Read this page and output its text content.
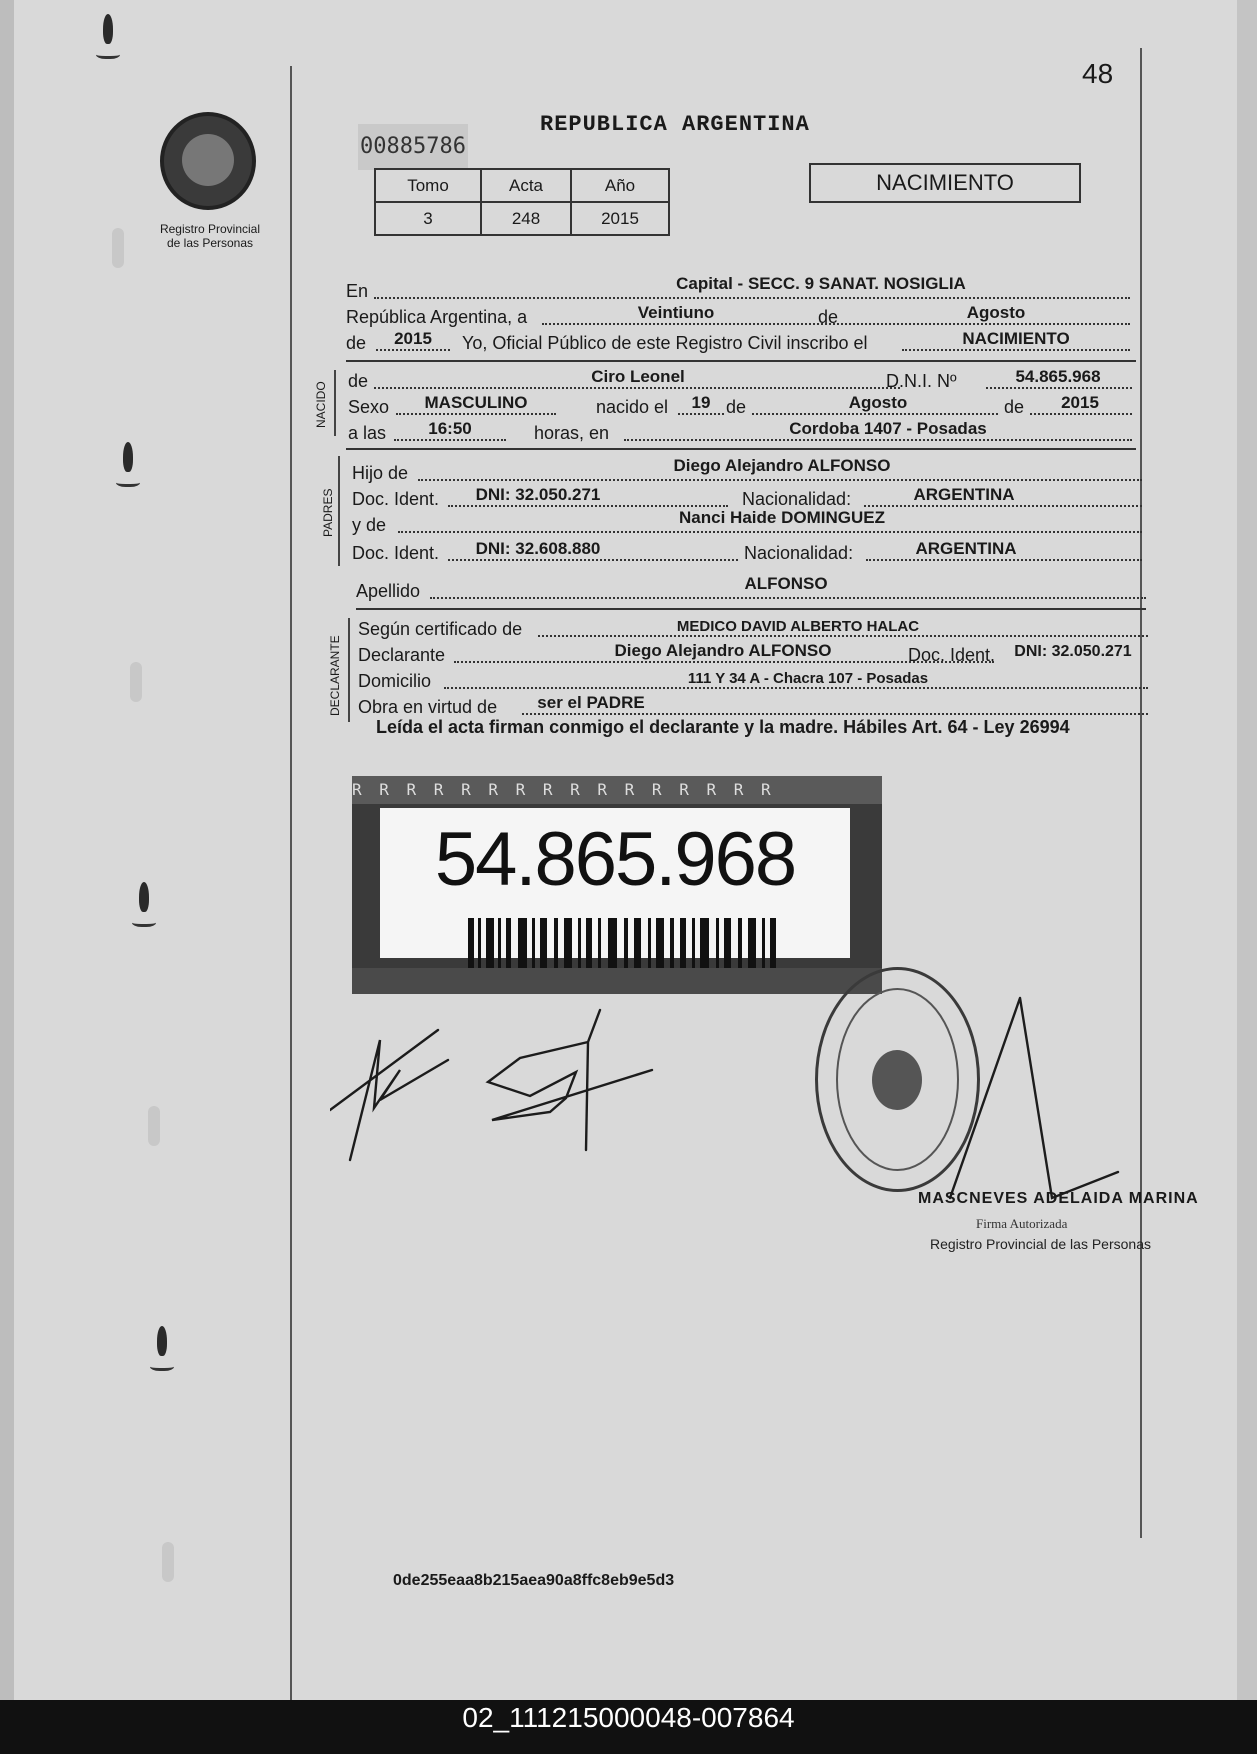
48
Registro Provincial
de las Personas
00885786
REPUBLICA ARGENTINA
Tomo	Acta	Año
3	248	2015
NACIMIENTO
En	Capital - SECC. 9 SANAT. NOSIGLIA
República Argentina, a	Veintiuno	de	Agosto
de	2015	Yo, Oficial Público de este Registro Civil inscribo el	NACIMIENTO
NACIDO
de	Ciro Leonel	D.N.I. Nº	54.865.968
Sexo	MASCULINO	nacido el	19 de	Agosto	de	2015
a las	16:50	horas, en	Cordoba 1407 - Posadas
PADRES
Hijo de	Diego Alejandro ALFONSO
Doc. Ident.	DNI: 32.050.271	Nacionalidad:	ARGENTINA
y de	Nanci Haide DOMINGUEZ
Doc. Ident.	DNI: 32.608.880	Nacionalidad:	ARGENTINA
Apellido	ALFONSO
DECLARANTE
Según certificado de	MEDICO DAVID ALBERTO HALAC
Declarante	Diego Alejandro ALFONSO	Doc. Ident.	DNI: 32.050.271
Domicilio	111 Y 34 A - Chacra 107 - Posadas
Obra en virtud de	ser el PADRE
Leída el acta firman conmigo el declarante y la madre. Hábiles Art. 64 - Ley 26994
R R R R R R R R R R R R R R R R
54.865.968
MASCNEVES ADELAIDA MARINA
Firma Autorizada
Registro Provincial de las Personas
0de255eaa8b215aea90a8ffc8eb9e5d3
02_111215000048-007864
